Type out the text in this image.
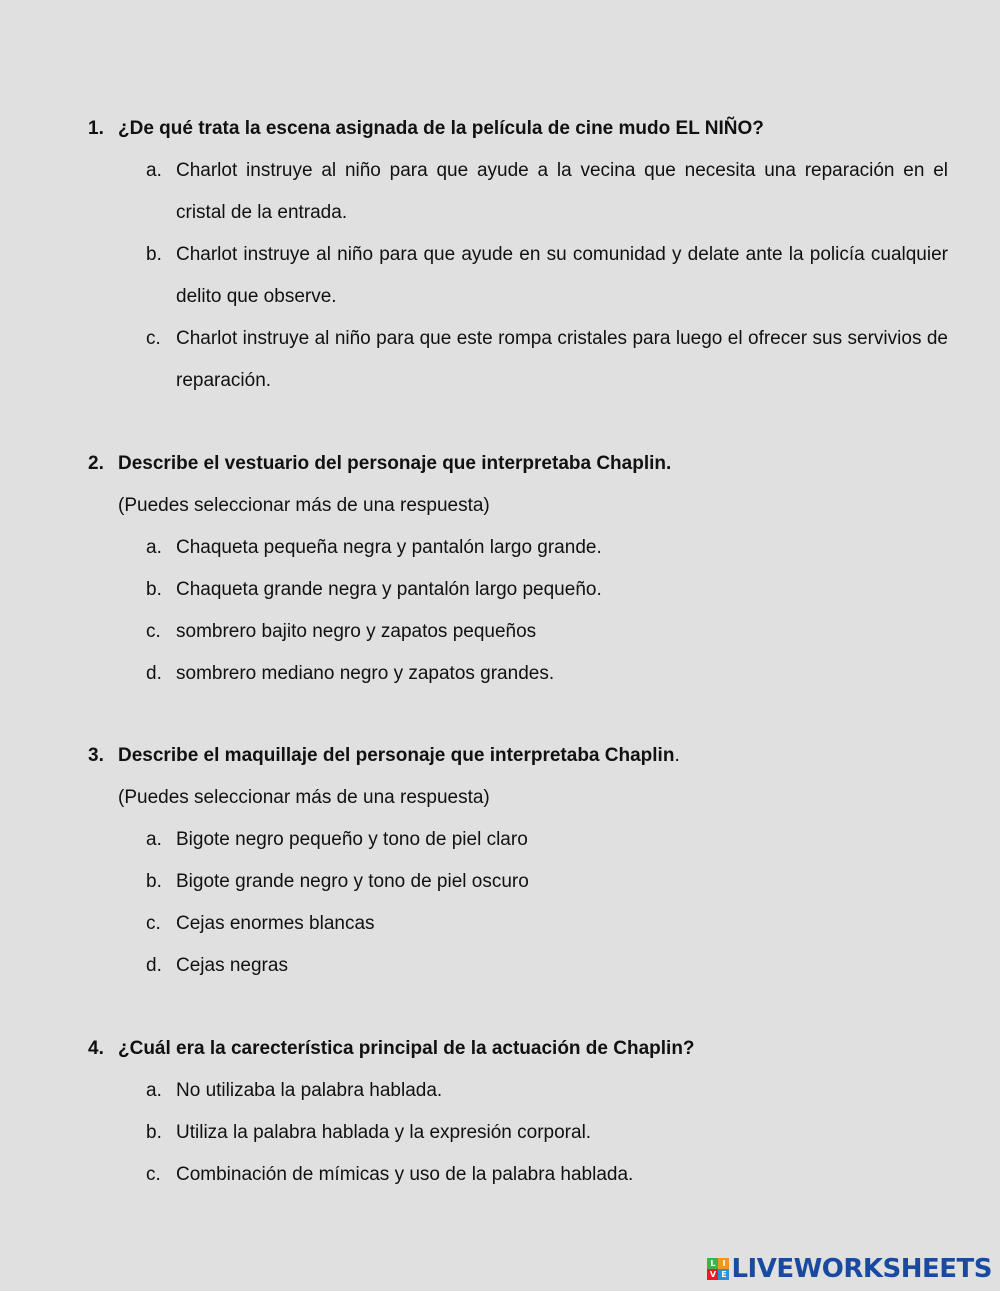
1. ¿De qué trata la escena asignada de la película de cine mudo EL NIÑO?
a. Charlot instruye al niño para que ayude a la vecina que necesita una reparación en el cristal de la entrada.
b. Charlot instruye al niño para que ayude en su comunidad y delate ante la policía cualquier delito que observe.
c. Charlot instruye al niño para que este rompa cristales para luego el ofrecer sus servivios de reparación.
2. Describe el vestuario del personaje que interpretaba Chaplin.
(Puedes seleccionar más de una respuesta)
a. Chaqueta pequeña negra y pantalón largo grande.
b. Chaqueta grande negra y pantalón largo pequeño.
c. sombrero bajito negro y zapatos pequeños
d. sombrero mediano negro y zapatos grandes.
3. Describe el maquillaje del personaje que interpretaba Chaplin.
(Puedes seleccionar más de una respuesta)
a. Bigote negro pequeño y tono de piel claro
b. Bigote grande negro y tono de piel oscuro
c. Cejas enormes blancas
d. Cejas negras
4. ¿Cuál era la carecterística principal de la actuación de Chaplin?
a. No utilizaba la palabra hablada.
b. Utiliza la palabra hablada y la expresión corporal.
c. Combinación de mímicas y uso de la palabra hablada.
L I
V E LIVEWORKSHEETS
